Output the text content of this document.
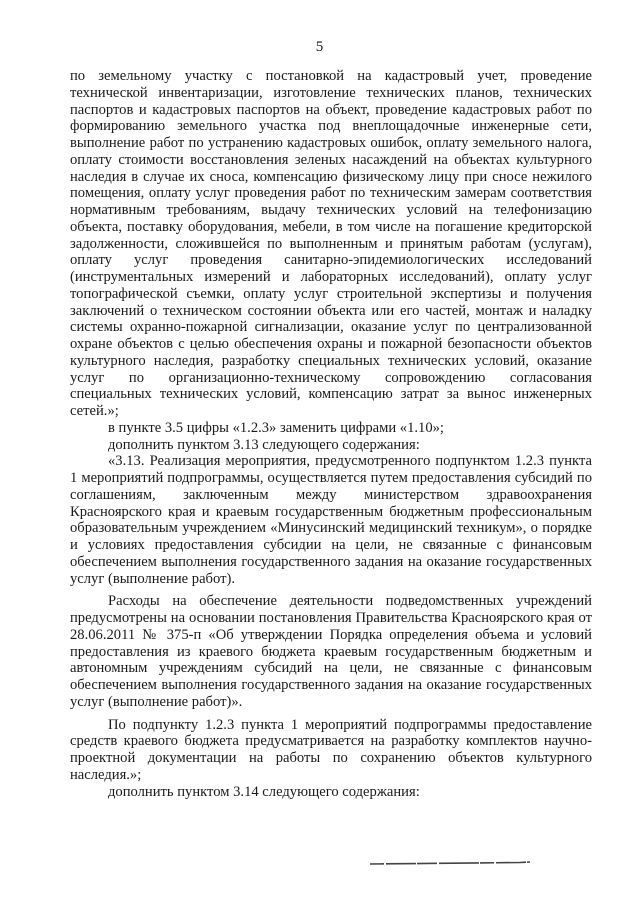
5

по земельному участку с постановкой на кадастровый учет, проведение технической инвентаризации, изготовление технических планов, технических паспортов и кадастровых паспортов на объект, проведение кадастровых работ по формированию земельного участка под внеплощадочные инженерные сети, выполнение работ по устранению кадастровых ошибок, оплату земельного налога, оплату стоимости восстановления зеленых насаждений на объектах культурного наследия в случае их сноса, компенсацию физическому лицу при сносе нежилого помещения, оплату услуг проведения работ по техническим замерам соответствия нормативным требованиям, выдачу технических условий на телефонизацию объекта, поставку оборудования, мебели, в том числе на погашение кредиторской задолженности, сложившейся по выполненным и принятым работам (услугам), оплату услуг проведения санитарно-эпидемиологических исследований (инструментальных измерений и лабораторных исследований), оплату услуг топографической съемки, оплату услуг строительной экспертизы и получения заключений о техническом состоянии объекта или его частей, монтаж и наладку системы охранно-пожарной сигнализации, оказание услуг по централизованной охране объектов с целью обеспечения охраны и пожарной безопасности объектов культурного наследия, разработку специальных технических условий, оказание услуг по организационно-техническому сопровождению согласования специальных технических условий, компенсацию затрат за вынос инженерных сетей.»;

в пункте 3.5 цифры «1.2.3» заменить цифрами «1.10»;

дополнить пунктом 3.13 следующего содержания:

«3.13. Реализация мероприятия, предусмотренного подпунктом 1.2.3 пункта 1 мероприятий подпрограммы, осуществляется путем предоставления субсидий по соглашениям, заключенным между министерством здравоохранения Красноярского края и краевым государственным бюджетным профессиональным образовательным учреждением «Минусинский медицинский техникум», о порядке и условиях предоставления субсидии на цели, не связанные с финансовым обеспечением выполнения государственного задания на оказание государственных услуг (выполнение работ).

Расходы на обеспечение деятельности подведомственных учреждений предусмотрены на основании постановления Правительства Красноярского края от 28.06.2011 № 375-п «Об утверждении Порядка определения объема и условий предоставления из краевого бюджета краевым государственным бюджетным и автономным учреждениям субсидий на цели, не связанные с финансовым обеспечением выполнения государственного задания на оказание государственных услуг (выполнение работ)».

По подпункту 1.2.3 пункта 1 мероприятий подпрограммы предоставление средств краевого бюджета предусматривается на разработку комплектов научно-проектной документации на работы по сохранению объектов культурного наследия.»;

дополнить пунктом 3.14 следующего содержания:
